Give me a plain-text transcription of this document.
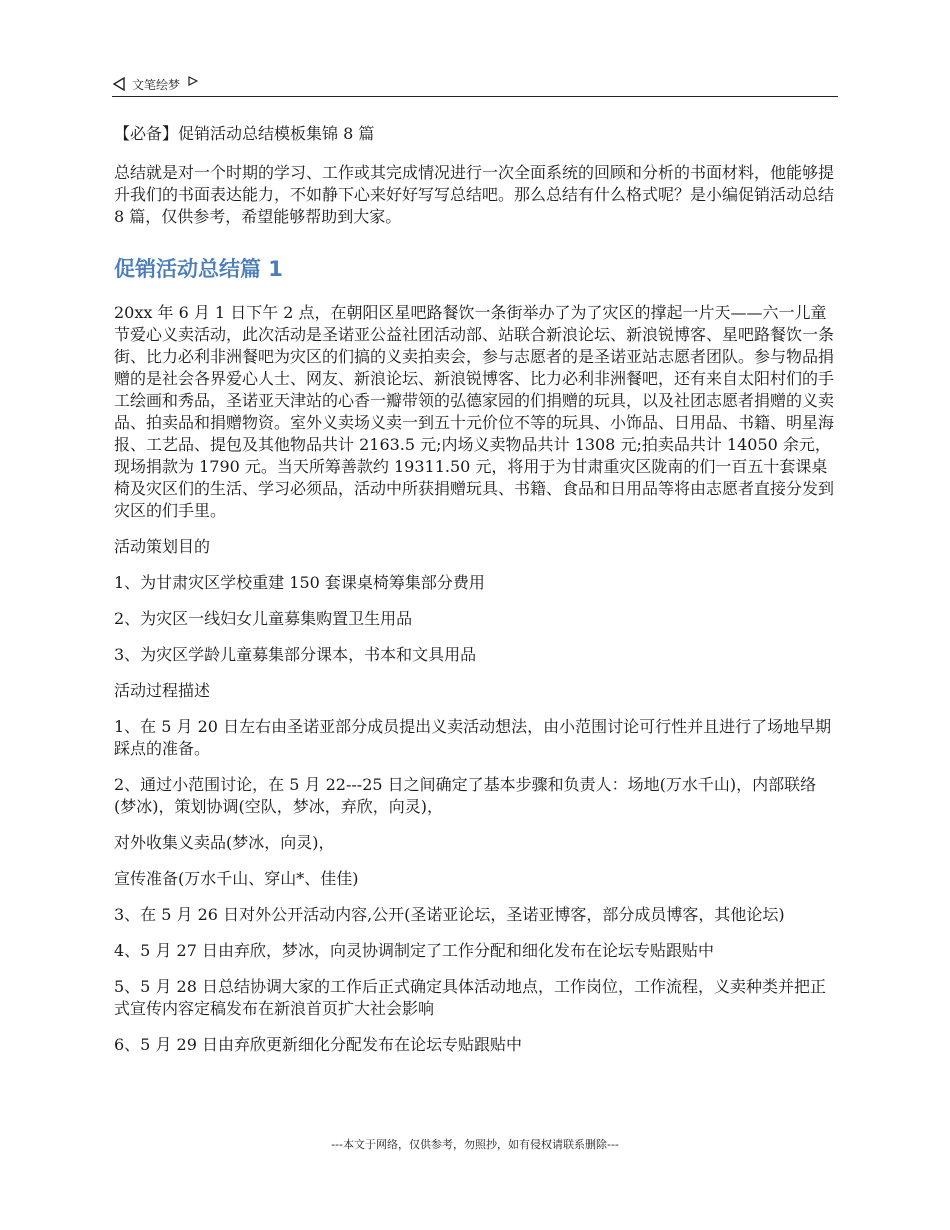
文笔绘梦
【必备】促销活动总结模板集锦 8 篇

总结就是对一个时期的学习、工作或其完成情况进行一次全面系统的回顾和分析的书面材料，他能够提升我们的书面表达能力，不如静下心来好好写写总结吧。那么总结有什么格式呢？是小编促销活动总结 8 篇，仅供参考，希望能够帮助到大家。

促销活动总结篇 1

20xx 年 6 月 1 日下午 2 点，在朝阳区星吧路餐饮一条街举办了为了灾区的撑起一片天——六一儿童节爱心义卖活动，此次活动是圣诺亚公益社团活动部、站联合新浪论坛、新浪锐博客、星吧路餐饮一条街、比力必利非洲餐吧为灾区的们搞的义卖拍卖会，参与志愿者的是圣诺亚站志愿者团队。参与物品捐赠的是社会各界爱心人士、网友、新浪论坛、新浪锐博客、比力必利非洲餐吧，还有来自太阳村们的手工绘画和秀品，圣诺亚天津站的心香一瓣带领的弘德家园的们捐赠的玩具，以及社团志愿者捐赠的义卖品、拍卖品和捐赠物资。室外义卖场义卖一到五十元价位不等的玩具、小饰品、日用品、书籍、明星海报、工艺品、提包及其他物品共计 2163.5 元;内场义卖物品共计 1308 元;拍卖品共计 14050 余元，现场捐款为 1790 元。当天所筹善款约 19311.50 元，将用于为甘肃重灾区陇南的们一百五十套课桌椅及灾区们的生活、学习必须品，活动中所获捐赠玩具、书籍、食品和日用品等将由志愿者直接分发到灾区的们手里。

活动策划目的

1、为甘肃灾区学校重建 150 套课桌椅筹集部分费用

2、为灾区一线妇女儿童募集购置卫生用品

3、为灾区学龄儿童募集部分课本，书本和文具用品

活动过程描述

1、在 5 月 20 日左右由圣诺亚部分成员提出义卖活动想法，由小范围讨论可行性并且进行了场地早期踩点的准备。

2、通过小范围讨论，在 5 月 22---25 日之间确定了基本步骤和负责人：场地(万水千山)，内部联络(梦冰)，策划协调(空队，梦冰，弃欣，向灵)，

对外收集义卖品(梦冰，向灵)，

宣传准备(万水千山、穿山*、佳佳)

3、在 5 月 26 日对外公开活动内容,公开(圣诺亚论坛，圣诺亚博客，部分成员博客，其他论坛)

4、5 月 27 日由弃欣，梦冰，向灵协调制定了工作分配和细化发布在论坛专贴跟贴中

5、5 月 28 日总结协调大家的工作后正式确定具体活动地点，工作岗位，工作流程，义卖种类并把正式宣传内容定稿发布在新浪首页扩大社会影响

6、5 月 29 日由弃欣更新细化分配发布在论坛专贴跟贴中

---本文于网络，仅供参考，勿照抄，如有侵权请联系删除---
